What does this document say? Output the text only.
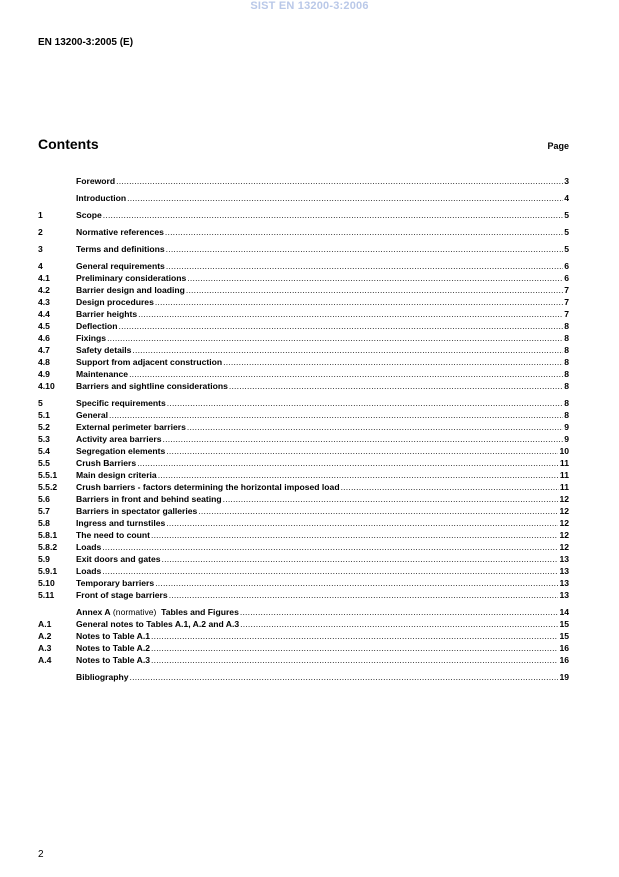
SIST EN 13200-3:2006
EN 13200-3:2005 (E)
Contents	Page
Foreword .....	3
Introduction .....	4
1	Scope .....	5
2	Normative references .....	5
3	Terms and definitions .....	5
4	General requirements .....	6
4.1	Preliminary considerations .....	6
4.2	Barrier design and loading .....	7
4.3	Design procedures .....	7
4.4	Barrier heights .....	7
4.5	Deflection .....	8
4.6	Fixings .....	8
4.7	Safety details .....	8
4.8	Support from adjacent construction .....	8
4.9	Maintenance .....	8
4.10	Barriers and sightline considerations .....	8
5	Specific requirements .....	8
5.1	General .....	8
5.2	External perimeter barriers .....	9
5.3	Activity area barriers .....	9
5.4	Segregation elements .....	10
5.5	Crush Barriers .....	11
5.5.1	Main design criteria .....	11
5.5.2	Crush barriers - factors determining the horizontal imposed load .....	11
5.6	Barriers in front and behind seating .....	12
5.7	Barriers in spectator galleries .....	12
5.8	Ingress and turnstiles .....	12
5.8.1	The need to count .....	12
5.8.2	Loads .....	12
5.9	Exit doors and gates .....	13
5.9.1	Loads .....	13
5.10	Temporary barriers .....	13
5.11	Front of stage barriers .....	13
Annex A (normative)  Tables and Figures .....	14
A.1	General notes to Tables A.1, A.2 and A.3 .....	15
A.2	Notes to Table A.1 .....	15
A.3	Notes to Table A.2 .....	16
A.4	Notes to Table A.3 .....	16
Bibliography .....	19
2
